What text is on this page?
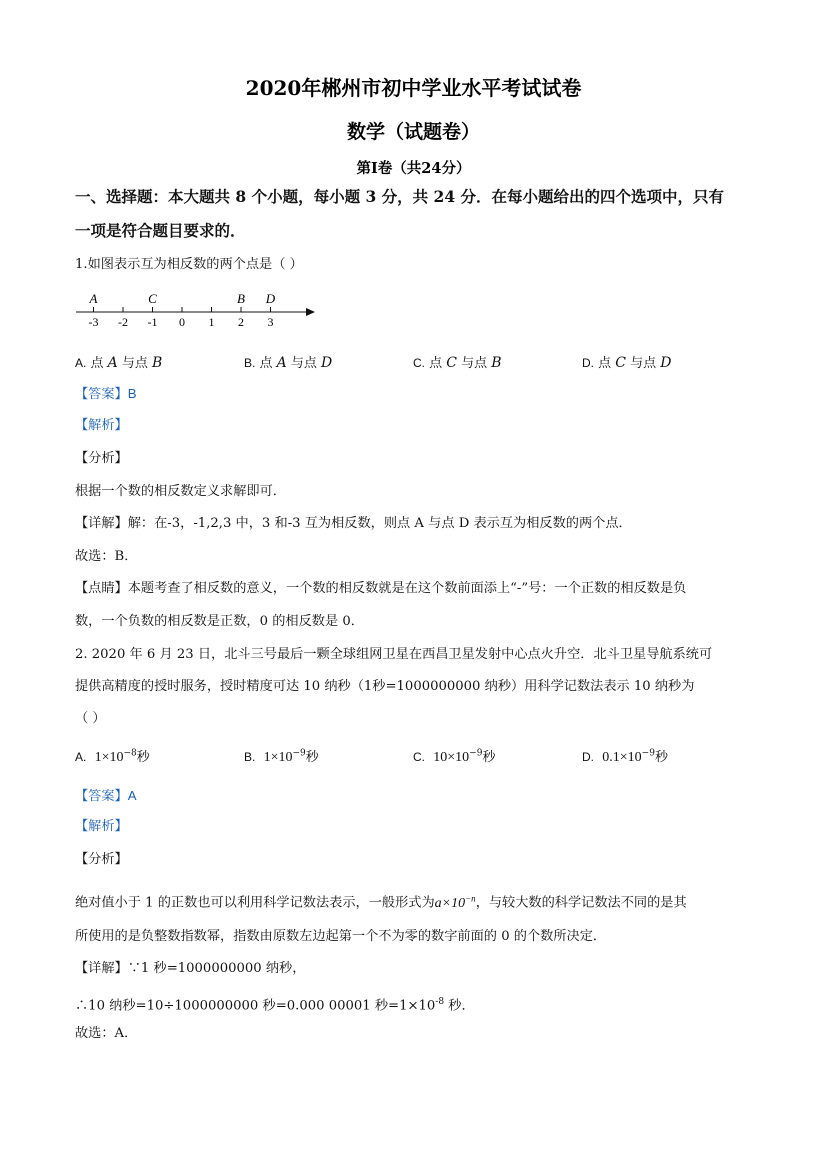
2020年郴州市初中学业水平考试试卷
数学（试题卷）
第Ⅰ卷（共24分）
一、选择题：本大题共 8 个小题，每小题 3 分，共 24 分．在每小题给出的四个选项中，只有
一项是符合题目要求的．
1.如图表示互为相反数的两个点是（ ）
-3 -2 -1 0 1 2 3
A	C	B D
A. 点 A 与点 B	B. 点 A 与点 D	C. 点 C 与点 B	D. 点 C 与点 D
【答案】B
【解析】
【分析】
根据一个数的相反数定义求解即可．
【详解】解：在-3，-1,2,3 中，3 和-3 互为相反数，则点 A 与点 D 表示互为相反数的两个点．
故选：B．
【点睛】本题考查了相反数的意义，一个数的相反数就是在这个数前面添上“-”号：一个正数的相反数是负
数，一个负数的相反数是正数，0 的相反数是 0．
2. 2020 年 6 月 23 日，北斗三号最后一颗全球组网卫星在西昌卫星发射中心点火升空．北斗卫星导航系统可
提供高精度的授时服务，授时精度可达 10 纳秒（1秒=1000000000 纳秒）用科学记数法表示 10 纳秒为
（ ）
A. $1\times 10^{-8}$秒	B. $1\times 10^{-9}$秒	C. $10\times 10^{-9}$秒	D. $0.1\times 10^{-9}$秒
【答案】A
【解析】
【分析】
绝对值小于 1 的正数也可以利用科学记数法表示，一般形式为$a\times 10^{-n}$，与较大数的科学记数法不同的是其
所使用的是负整数指数幂，指数由原数左边起第一个不为零的数字前面的 0 的个数所决定．
【详解】∵1 秒=1000000000 纳秒，
∴10 纳秒=10÷1000000000 秒=0.000 00001 秒$=1\times 10^{-8}$ 秒．
故选：A．
